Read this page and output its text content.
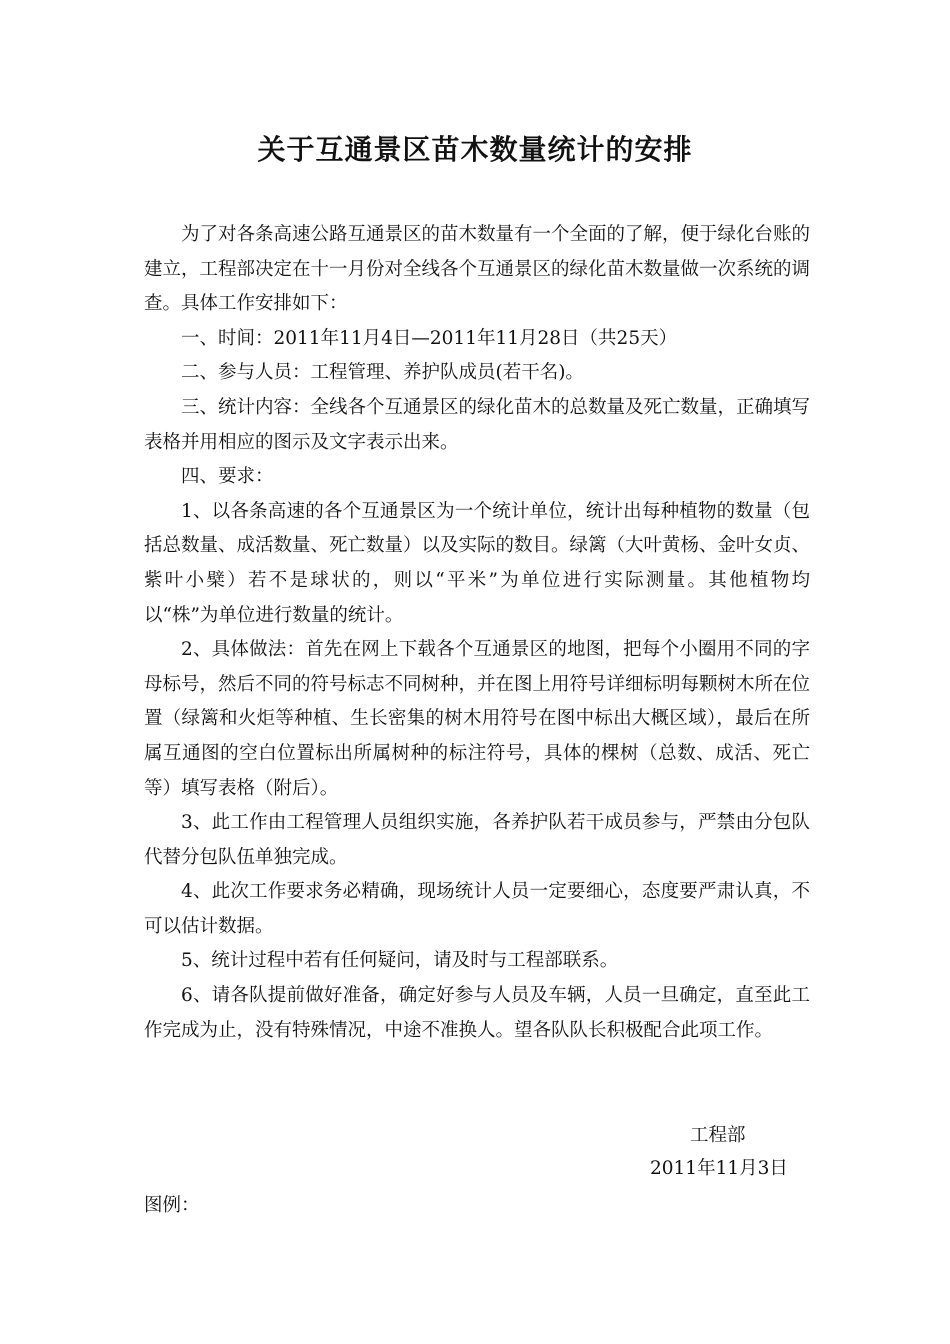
关于互通景区苗木数量统计的安排

为了对各条高速公路互通景区的苗木数量有一个全面的了解，便于绿化台账的建立，工程部决定在十一月份对全线各个互通景区的绿化苗木数量做一次系统的调查。具体工作安排如下：

一、时间：2011年11月4日—2011年11月28日（共25天）

二、参与人员：工程管理、养护队成员(若干名)。

三、统计内容：全线各个互通景区的绿化苗木的总数量及死亡数量，正确填写表格并用相应的图示及文字表示出来。

四、要求：

1、以各条高速的各个互通景区为一个统计单位，统计出每种植物的数量（包括总数量、成活数量、死亡数量）以及实际的数目。绿篱（大叶黄杨、金叶女贞、紫叶小檗）若不是球状的，则以“平米”为单位进行实际测量。其他植物均以“株”为单位进行数量的统计。

2、具体做法：首先在网上下载各个互通景区的地图，把每个小圈用不同的字母标号，然后不同的符号标志不同树种，并在图上用符号详细标明每颗树木所在位置（绿篱和火炬等种植、生长密集的树木用符号在图中标出大概区域），最后在所属互通图的空白位置标出所属树种的标注符号，具体的棵树（总数、成活、死亡等）填写表格（附后）。

3、此工作由工程管理人员组织实施，各养护队若干成员参与，严禁由分包队代替分包队伍单独完成。

4、此次工作要求务必精确，现场统计人员一定要细心，态度要严肃认真，不可以估计数据。

5、统计过程中若有任何疑问，请及时与工程部联系。

6、请各队提前做好准备，确定好参与人员及车辆，人员一旦确定，直至此工作完成为止，没有特殊情况，中途不准换人。望各队队长积极配合此项工作。

工程部
2011年11月3日
图例：
